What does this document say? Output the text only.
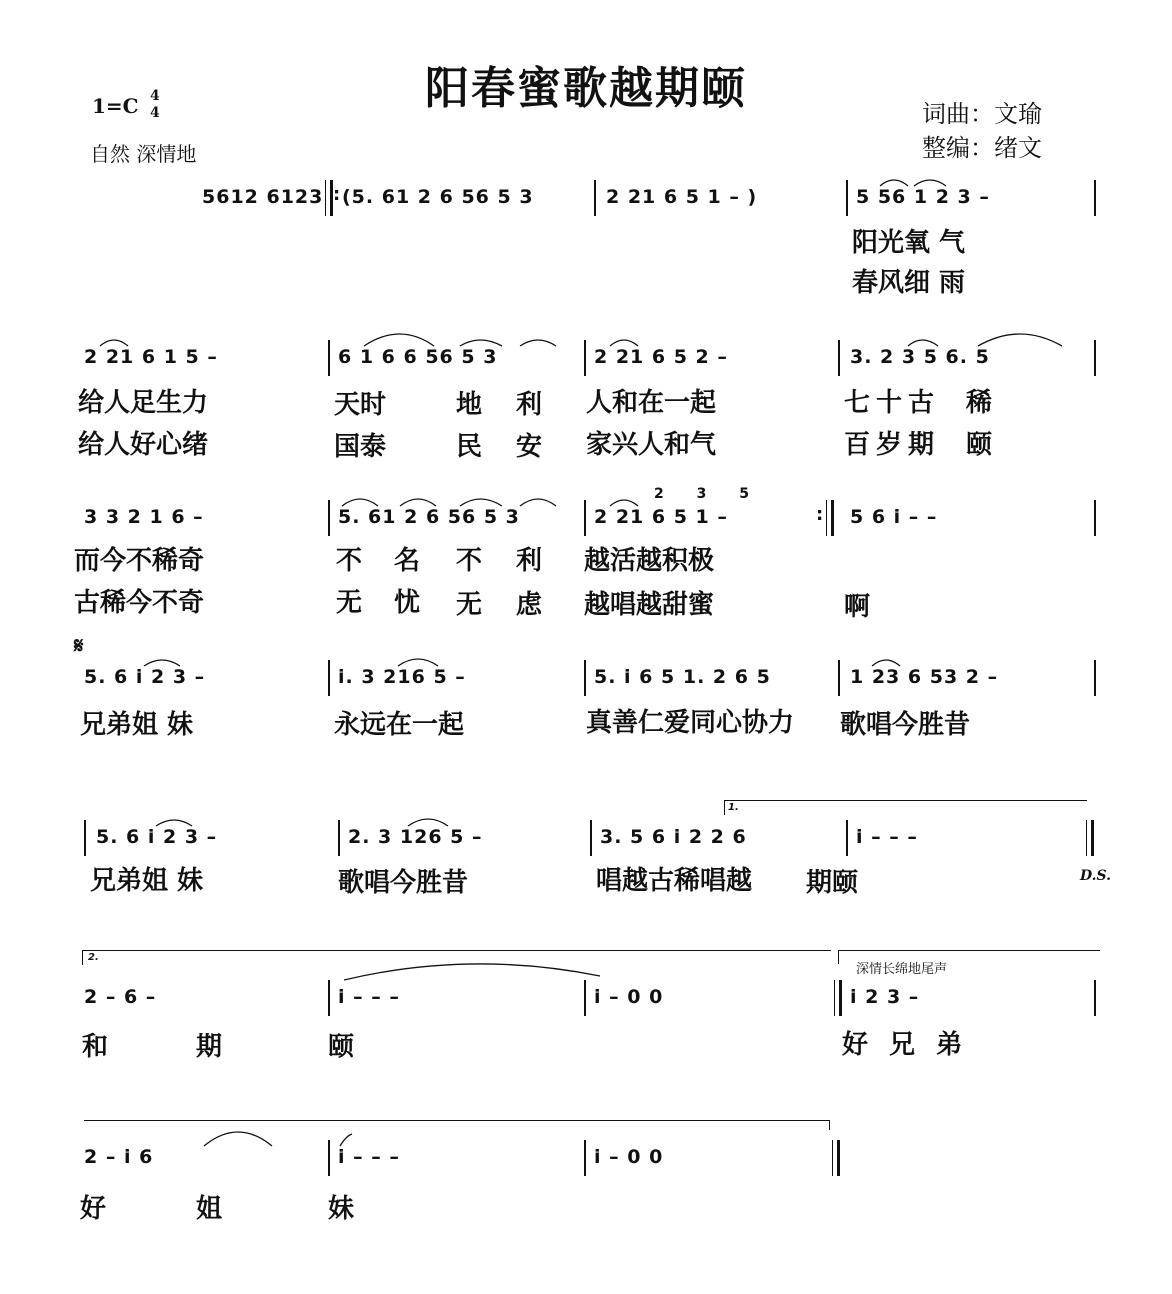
阳春蜜歌越期颐
1=C 4
4
自然 深情地
词曲：文瑜
整编：绪文
5612 6123 : (5. 61 2 6 56 5 3	2 21 6 5 1 – )	5 56 1 2 3 –
阳光氧 气
春风细 雨
2 21 6 1 5 –	6 1 6 6 56 5 3	2 21 6 5 2 –	3. 2 3 5 6. 5
给人足生力	天时	地 利 人和在一起	七十古 稀
给人好心绪	国泰	民 安 家兴人和气	百岁期 颐
3 3 2 1 6 –	5. 61 2 6 56 5 3
2 3 5
2 21 6 5 1 –	: 5 6 i – –
而今不稀奇	不 名 不 利 越活越积极
古稀今不奇	无 忧 无 虑 越唱越甜蜜	啊
𝄋
5. 6 i 2 3 –	i. 3 216 5 –	5. i 6 5 1. 2 6 5	1 23 6 53 2 –
兄弟姐 妹	永远在一起	真善仁爱同心协力 歌唱今胜昔
5. 6 i 2 3 –	2. 3 126 5 –	3. 5 6 i 2 2 6
1.
i – – –
D.S.
兄弟姐 妹	歌唱今胜昔	唱越古稀唱越 期颐
2.
深情长绵地尾声
2 – 6 –	i – – –	i – 0 0	i 2 3 –
和	期	颐	好 兄 弟
2 – i 6	i – – –	i – 0 0
好	姐	妹
